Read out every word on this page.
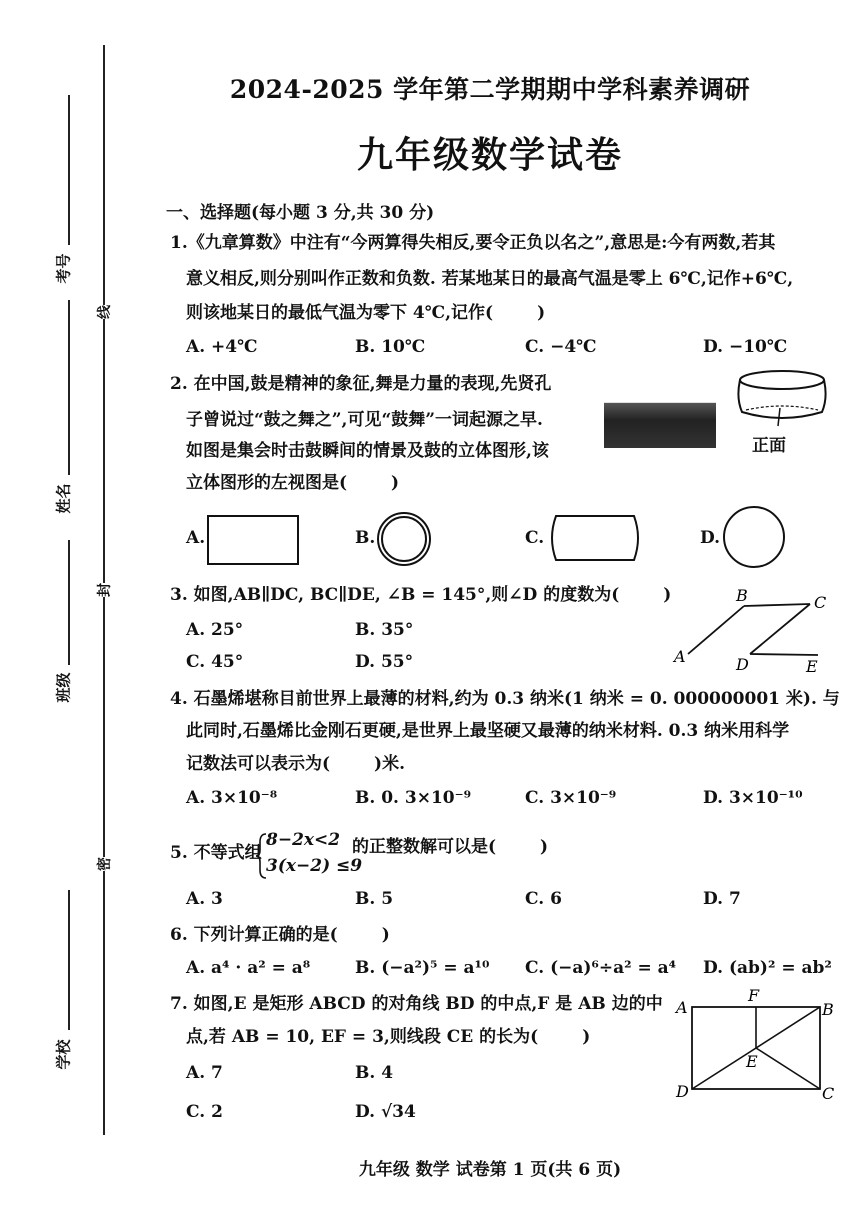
考号
姓名
班级
学校
线
封
密
2024-2025 学年第二学期期中学科素养调研
九年级数学试卷
一、选择题(每小题 3 分,共 30 分)
1.《九章算数》中注有“今两算得失相反,要令正负以名之”,意思是:今有两数,若其
意义相反,则分别叫作正数和负数. 若某地某日的最高气温是零上 6℃,记作+6℃,
则该地某日的最低气温为零下 4℃,记作(	)
A. +4℃	B. 10℃	C. −4℃	D. −10℃
2. 在中国,鼓是精神的象征,舞是力量的表现,先贤孔
子曾说过“鼓之舞之”,可见“鼓舞”一词起源之早.
如图是集会时击鼓瞬间的情景及鼓的立体图形,该
立体图形的左视图是(	)
正面
A.	B.	C.	D.
3. 如图,AB∥DC, BC∥DE, ∠B = 145°,则∠D 的度数为(	)
A. 25°	B. 35°
C. 45°	D. 55°
B	C
A	D	E
4. 石墨烯堪称目前世界上最薄的材料,约为 0.3 纳米(1 纳米 = 0. 000000001 米). 与
此同时,石墨烯比金刚石更硬,是世界上最坚硬又最薄的纳米材料. 0.3 纳米用科学
记数法可以表示为(	)米.
A. 3×10⁻⁸	B. 0. 3×10⁻⁹	C. 3×10⁻⁹	D. 3×10⁻¹⁰
5. 不等式组
8−2x<2
3(x−2) ≤9
的正整数解可以是(	)
A. 3	B. 5	C. 6	D. 7
6. 下列计算正确的是(	)
A. a⁴ · a² = a⁸	B. (−a²)⁵ = a¹⁰ C. (−a)⁶÷a² = a⁴ D. (ab)² = ab²
7. 如图,E 是矩形 ABCD 的对角线 BD 的中点,F 是 AB 边的中
点,若 AB = 10, EF = 3,则线段 CE 的长为(	)
A. 7	B. 4
C. 2	D. √34
A
F
B
E
D	C
九年级 数学 试卷第 1 页(共 6 页)
